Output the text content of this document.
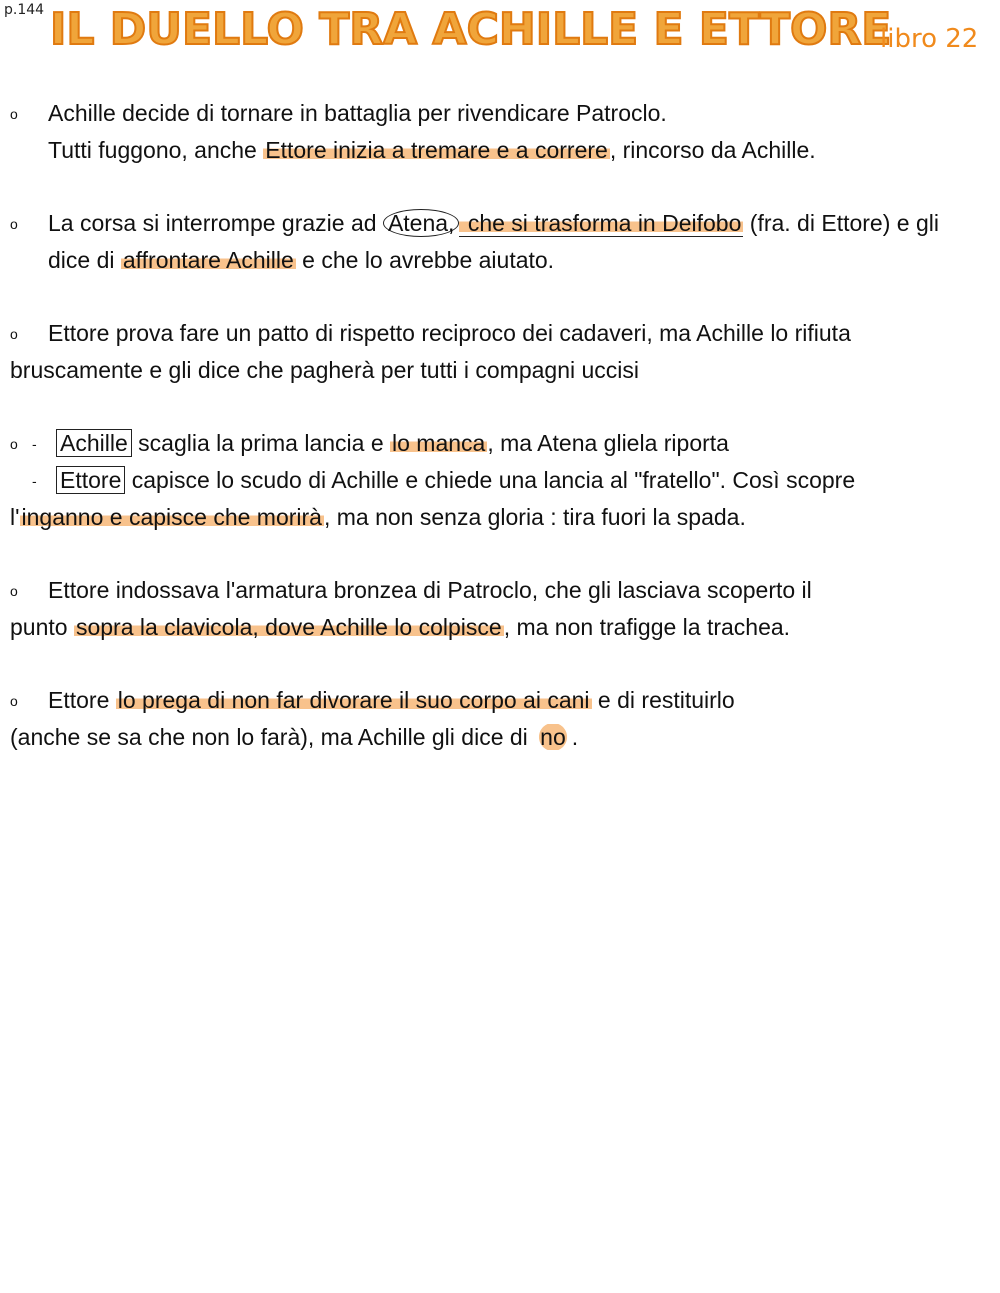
p.144 IL DUELLO TRA ACHILLE E ETTORE
libro 22
o Achille decide di tornare in battaglia per rivendicare Patroclo.
Tutti fuggono, anche Ettore inizia a tremare e a correre, rincorso da Achille.
o La corsa si interrompe grazie ad Atena, che si trasforma in Deifobo (fra. di Ettore) e gli
dice di affrontare Achille e che lo avrebbe aiutato.
o Ettore prova fare un patto di rispetto reciproco dei cadaveri, ma Achille lo rifiuta
bruscamente e gli dice che pagherà per tutti i compagni uccisi
o - Achille scaglia la prima lancia e lo manca, ma Atena gliela riporta
- Ettore capisce lo scudo di Achille e chiede una lancia al "fratello". Così scopre
l'inganno e capisce che morirà, ma non senza gloria : tira fuori la spada.
o Ettore indossava l'armatura bronzea di Patroclo, che gli lasciava scoperto il
punto sopra la clavicola, dove Achille lo colpisce, ma non trafigge la trachea.
o Ettore lo prega di non far divorare il suo corpo ai cani e di restituirlo
(anche se sa che non lo farà), ma Achille gli dice di no .
